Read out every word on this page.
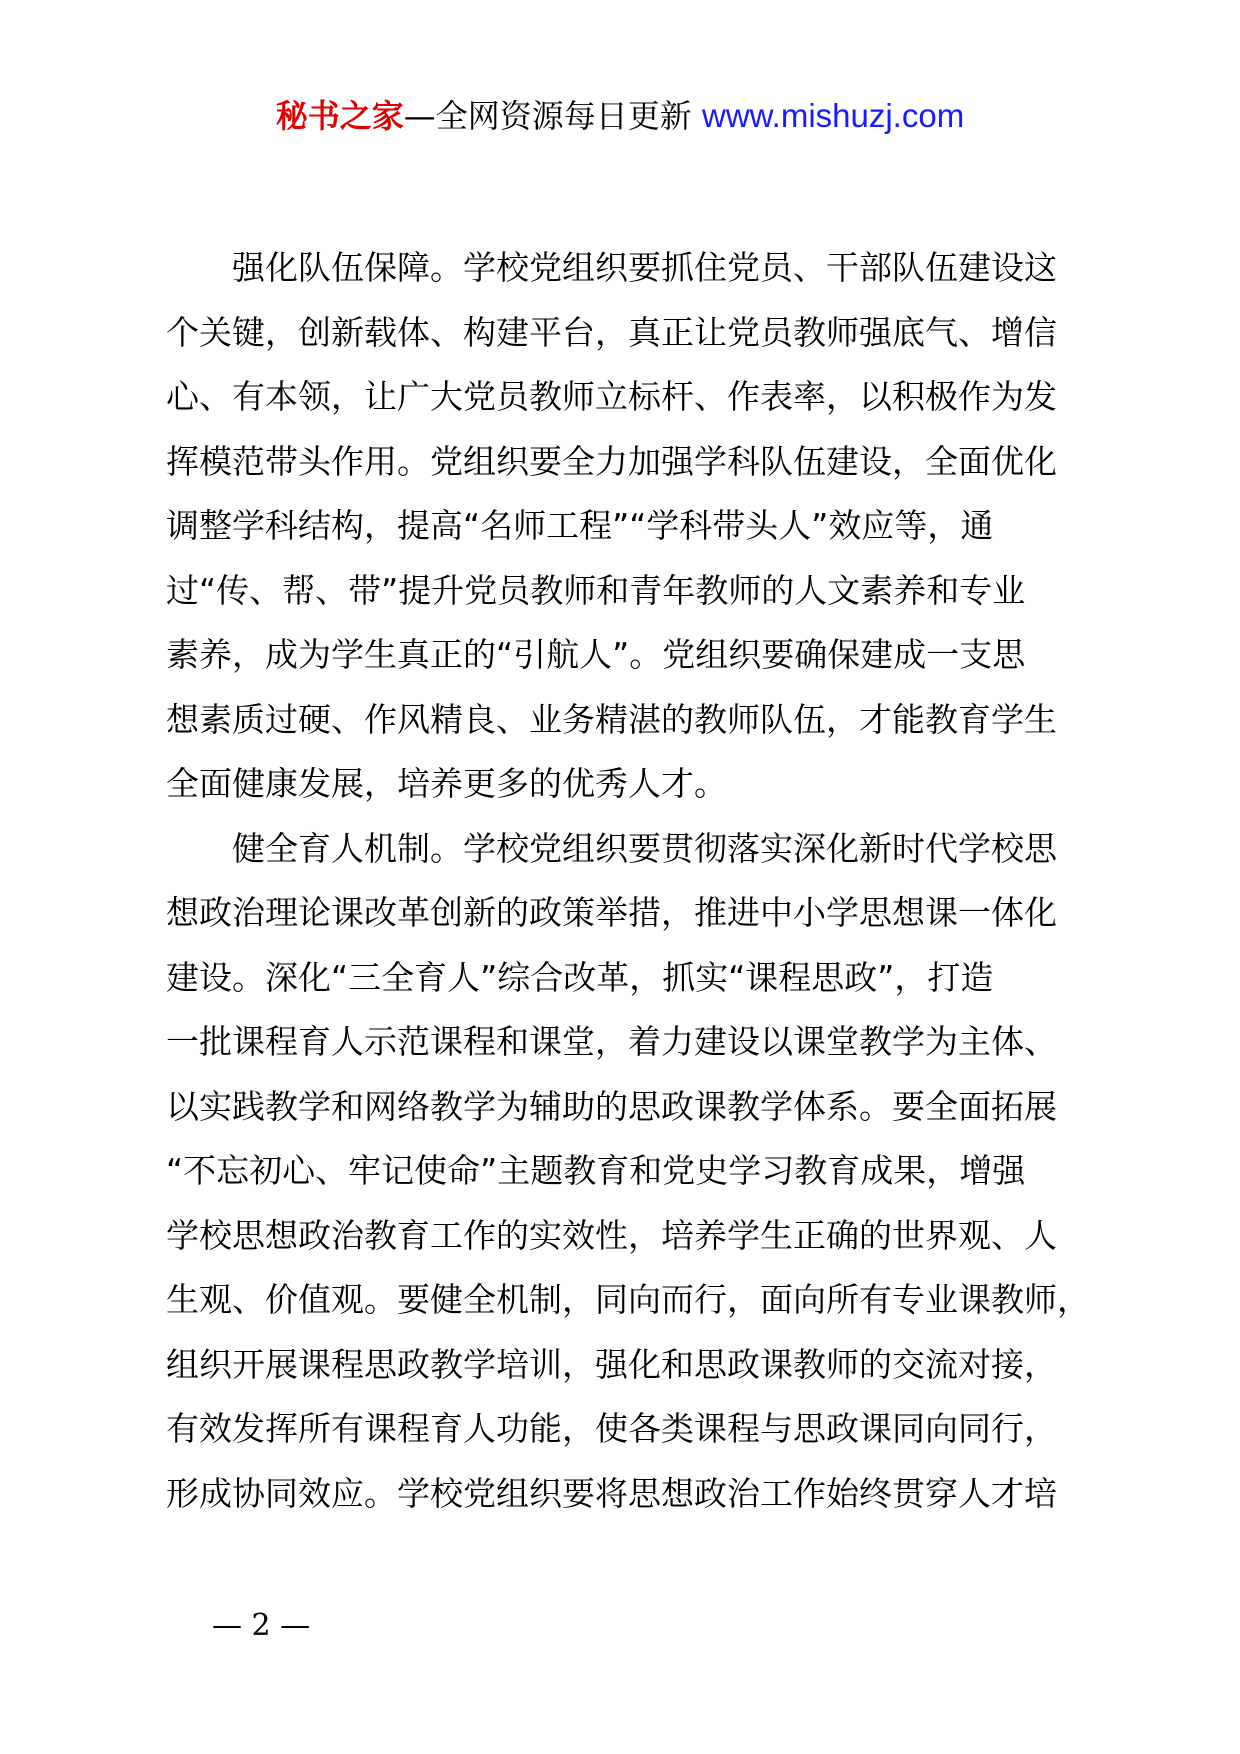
秘书之家—全网资源每日更新 www.mishuzj.com
强化队伍保障。学校党组织要抓住党员、干部队伍建设这
个关键，创新载体、构建平台，真正让党员教师强底气、增信
心、有本领，让广大党员教师立标杆、作表率，以积极作为发
挥模范带头作用。党组织要全力加强学科队伍建设，全面优化
调整学科结构，提高“名师工程”“学科带头人”效应等，通
过“传、帮、带”提升党员教师和青年教师的人文素养和专业
素养，成为学生真正的“引航人”。党组织要确保建成一支思
想素质过硬、作风精良、业务精湛的教师队伍，才能教育学生
全面健康发展，培养更多的优秀人才。
健全育人机制。学校党组织要贯彻落实深化新时代学校思
想政治理论课改革创新的政策举措，推进中小学思想课一体化
建设。深化“三全育人”综合改革，抓实“课程思政”，打造
一批课程育人示范课程和课堂，着力建设以课堂教学为主体、
以实践教学和网络教学为辅助的思政课教学体系。要全面拓展
“不忘初心、牢记使命”主题教育和党史学习教育成果，增强
学校思想政治教育工作的实效性，培养学生正确的世界观、人
生观、价值观。要健全机制，同向而行，面向所有专业课教师，
组织开展课程思政教学培训，强化和思政课教师的交流对接，
有效发挥所有课程育人功能，使各类课程与思政课同向同行，
形成协同效应。学校党组织要将思想政治工作始终贯穿人才培
— 2 —
